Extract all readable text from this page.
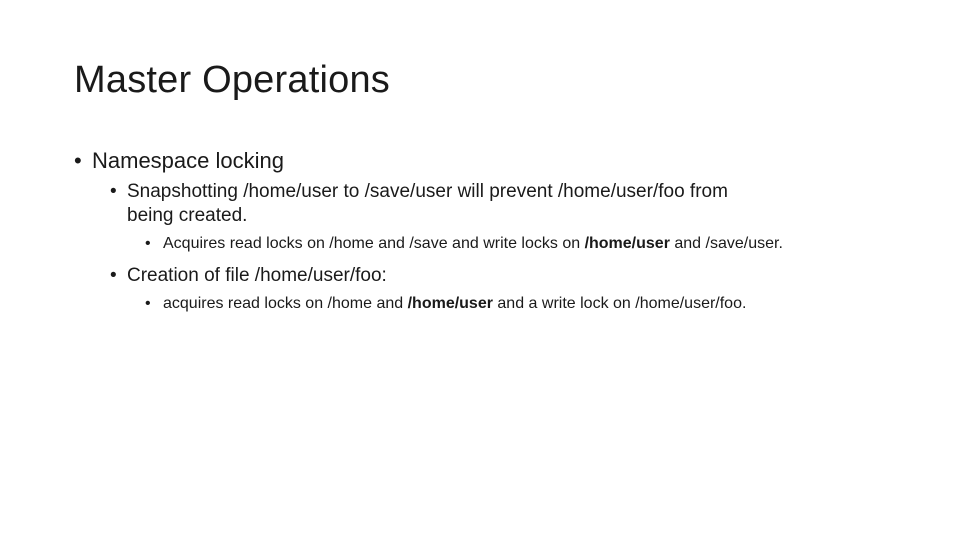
Master Operations
• Namespace locking
• Snapshotting /home/user to /save/user will prevent /home/user/foo from
being created.
• Acquires read locks on /home and /save and write locks on /home/user and /save/user.
• Creation of file /home/user/foo:
• acquires read locks on /home and /home/user and a write lock on /home/user/foo.
